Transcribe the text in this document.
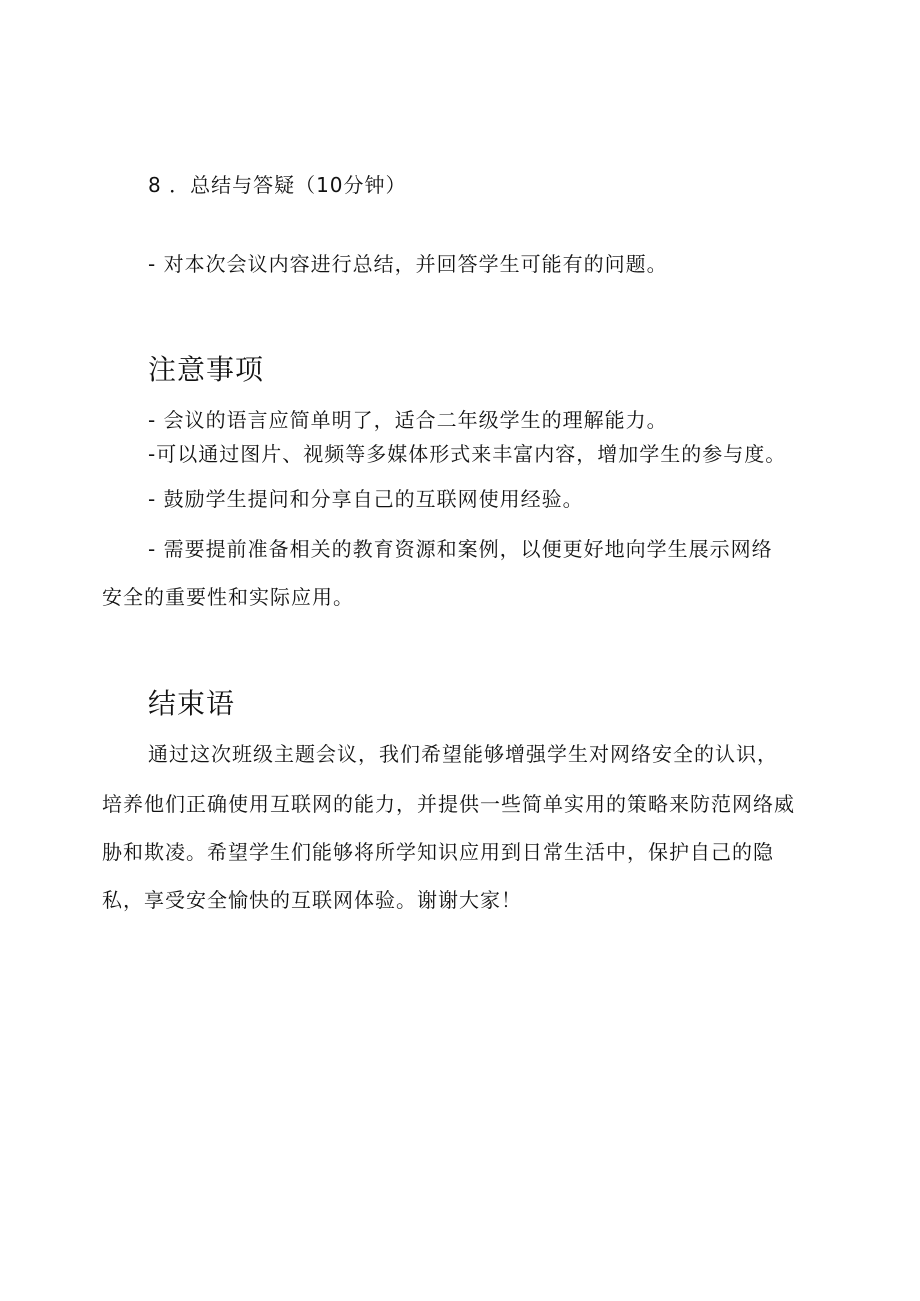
8 ．总结与答疑（10分钟）
- 对本次会议内容进行总结，并回答学生可能有的问题。
注意事项
- 会议的语言应简单明了，适合二年级学生的理解能力。
-可以通过图片、视频等多媒体形式来丰富内容，增加学生的参与度。
- 鼓励学生提问和分享自己的互联网使用经验。
- 需要提前准备相关的教育资源和案例，以便更好地向学生展示网络
安全的重要性和实际应用。
结束语
通过这次班级主题会议，我们希望能够增强学生对网络安全的认识，
培养他们正确使用互联网的能力，并提供一些简单实用的策略来防范网络威
胁和欺凌。希望学生们能够将所学知识应用到日常生活中，保护自己的隐
私，享受安全愉快的互联网体验。谢谢大家！
